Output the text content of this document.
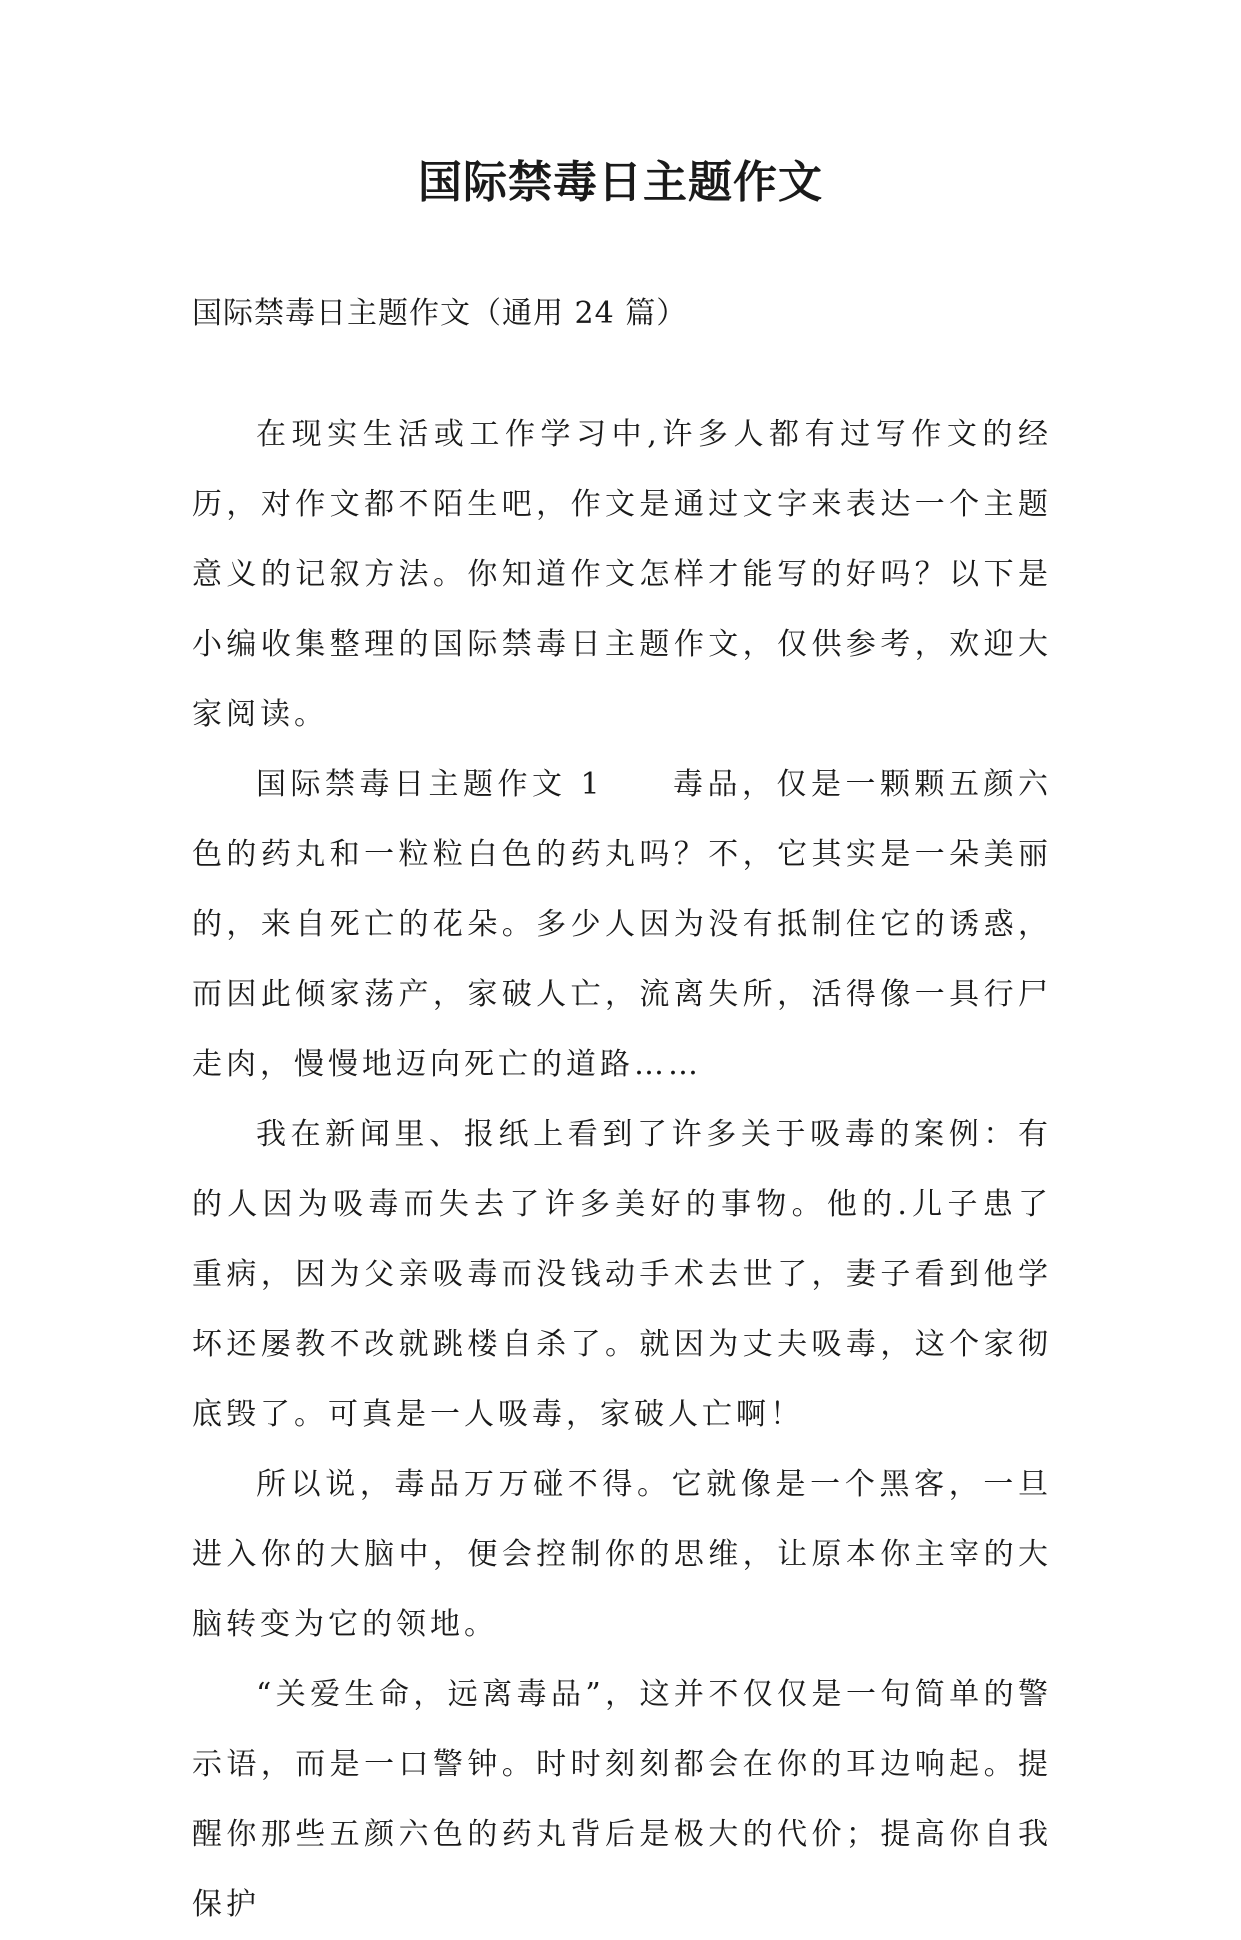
国际禁毒日主题作文
国际禁毒日主题作文（通用 24 篇）

在现实生活或工作学习中,许多人都有过写作文的经历，对作文都不陌生吧，作文是通过文字来表达一个主题意义的记叙方法。你知道作文怎样才能写的好吗？以下是小编收集整理的国际禁毒日主题作文，仅供参考，欢迎大家阅读。

国际禁毒日主题作文 1　　毒品，仅是一颗颗五颜六色的药丸和一粒粒白色的药丸吗？不，它其实是一朵美丽的，来自死亡的花朵。多少人因为没有抵制住它的诱惑，而因此倾家荡产，家破人亡，流离失所，活得像一具行尸走肉，慢慢地迈向死亡的道路……

我在新闻里、报纸上看到了许多关于吸毒的案例：有的人因为吸毒而失去了许多美好的事物。他的.儿子患了重病，因为父亲吸毒而没钱动手术去世了，妻子看到他学坏还屡教不改就跳楼自杀了。就因为丈夫吸毒，这个家彻底毁了。可真是一人吸毒，家破人亡啊！

所以说，毒品万万碰不得。它就像是一个黑客，一旦进入你的大脑中，便会控制你的思维，让原本你主宰的大脑转变为它的领地。

“关爱生命，远离毒品”，这并不仅仅是一句简单的警示语，而是一口警钟。时时刻刻都会在你的耳边响起。提醒你那些五颜六色的药丸背后是极大的代价；提高你自我保护
